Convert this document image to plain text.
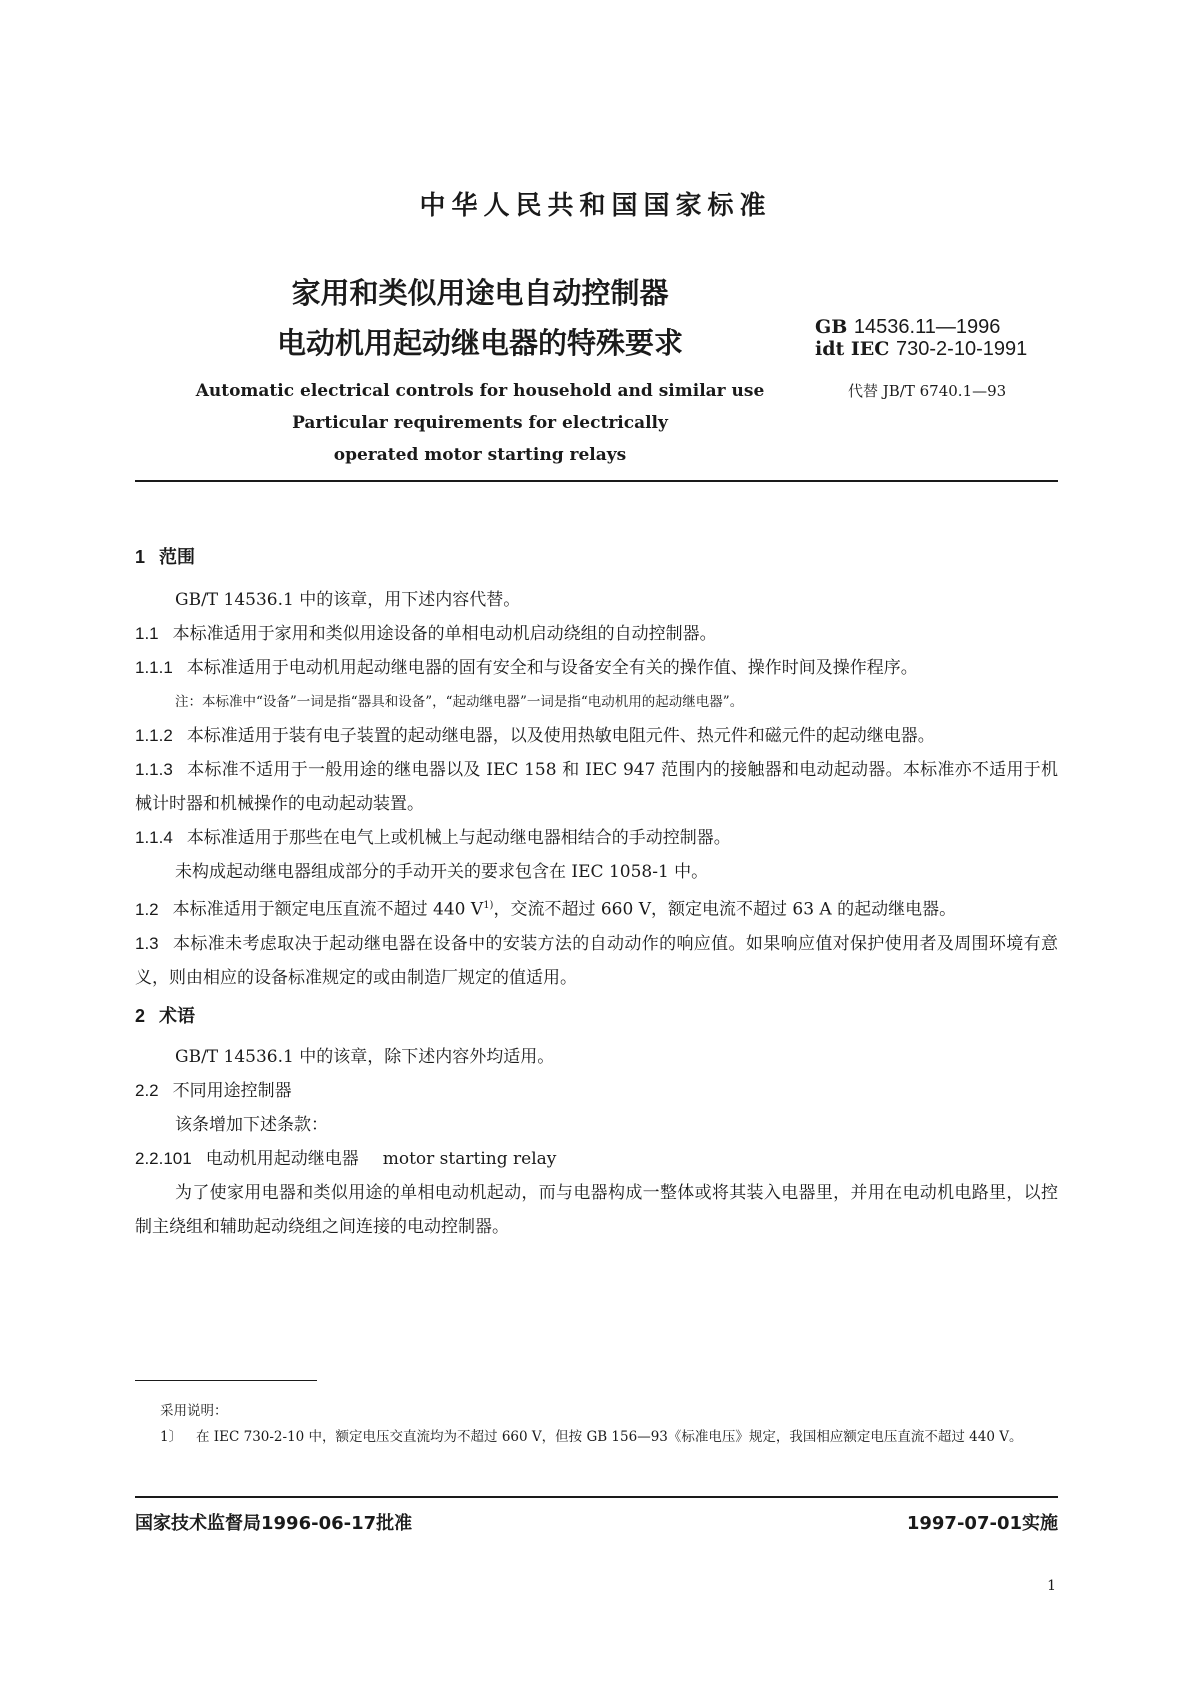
中华人民共和国国家标准
家用和类似用途电自动控制器
电动机用起动继电器的特殊要求	GB 14536.11—1996
idt IEC 730-2-10-1991
代替 JB/T 6740.1—93
Automatic electrical controls for household and similar use
Particular requirements for electrically
operated motor starting relays

1 范围

GB/T 14536.1 中的该章，用下述内容代替。

1.1 本标准适用于家用和类似用途设备的单相电动机启动绕组的自动控制器。

1.1.1 本标准适用于电动机用起动继电器的固有安全和与设备安全有关的操作值、操作时间及操作程序。

注：本标准中“设备”一词是指“器具和设备”，“起动继电器”一词是指“电动机用的起动继电器”。

1.1.2 本标准适用于装有电子装置的起动继电器，以及使用热敏电阻元件、热元件和磁元件的起动继电器。

1.1.3 本标准不适用于一般用途的继电器以及 IEC 158 和 IEC 947 范围内的接触器和电动起动器。本标准亦不适用于机械计时器和机械操作的电动起动装置。

1.1.4 本标准适用于那些在电气上或机械上与起动继电器相结合的手动控制器。

未构成起动继电器组成部分的手动开关的要求包含在 IEC 1058-1 中。

1.2 本标准适用于额定电压直流不超过 440 $V^{1)}$，交流不超过 660 V，额定电流不超过 63 A 的起动继电器。

1.3 本标准未考虑取决于起动继电器在设备中的安装方法的自动动作的响应值。如果响应值对保护使用者及周围环境有意义，则由相应的设备标准规定的或由制造厂规定的值适用。

2 术语

GB/T 14536.1 中的该章，除下述内容外均适用。

2.2 不同用途控制器

该条增加下述条款：

2.2.101 电动机用起动继电器 motor starting relay

为了使家用电器和类似用途的单相电动机起动，而与电器构成一整体或将其装入电器里，并用在电动机电路里，以控制主绕组和辅助起动绕组之间连接的电动控制器。

采用说明：
1〕	在 IEC 730-2-10 中，额定电压交直流均为不超过 660 V，但按 GB 156—93《标准电压》规定，我国相应额定电压直流不超过 440 V。
国家技术监督局1996-06-17批准	1997-07-01实施
1
